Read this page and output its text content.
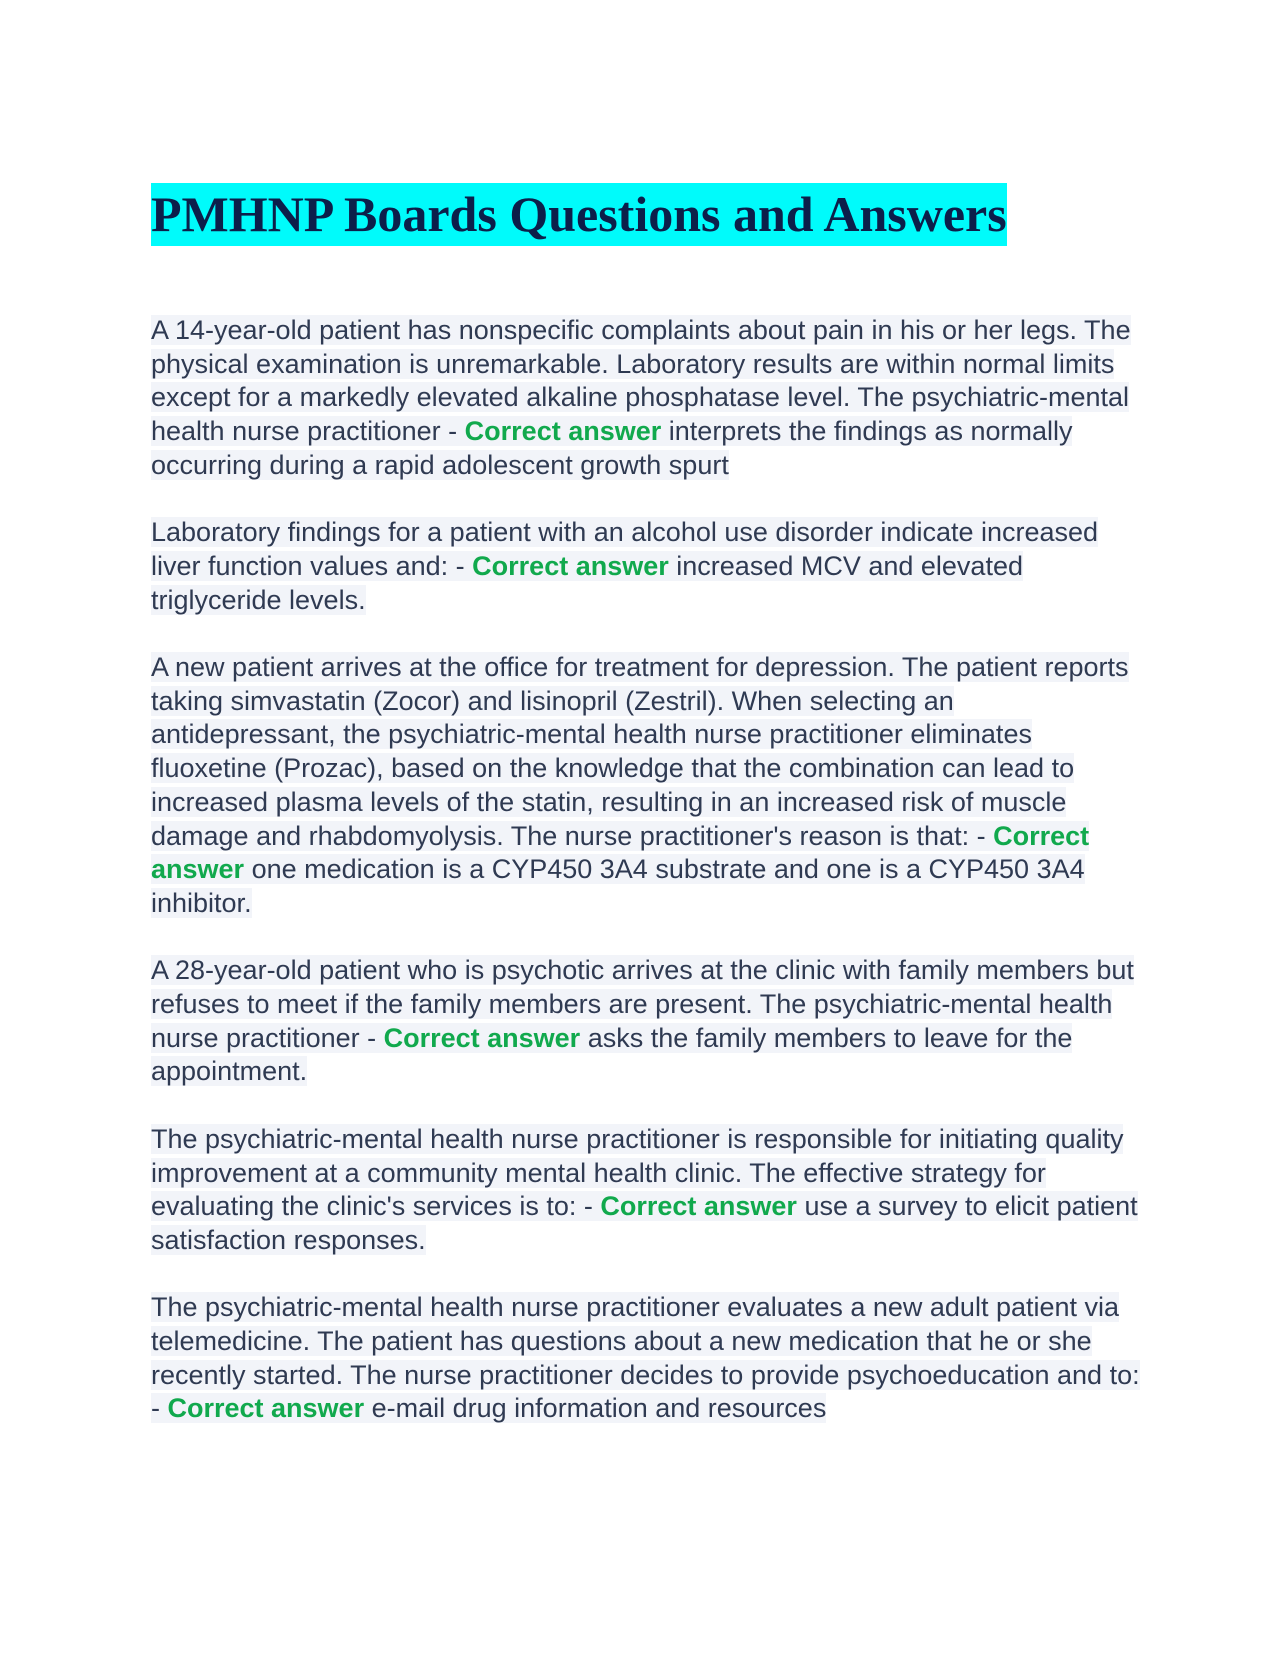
PMHNP Boards Questions and Answers

A 14-year-old patient has nonspecific complaints about pain in his or her legs. The physical examination is unremarkable. Laboratory results are within normal limits except for a markedly elevated alkaline phosphatase level. The psychiatric-mental health nurse practitioner - Correct answer interprets the findings as normally occurring during a rapid adolescent growth spurt

Laboratory findings for a patient with an alcohol use disorder indicate increased liver function values and: - Correct answer increased MCV and elevated triglyceride levels.

A new patient arrives at the office for treatment for depression. The patient reports taking simvastatin (Zocor) and lisinopril (Zestril). When selecting an antidepressant, the psychiatric-mental health nurse practitioner eliminates fluoxetine (Prozac), based on the knowledge that the combination can lead to increased plasma levels of the statin, resulting in an increased risk of muscle damage and rhabdomyolysis. The nurse practitioner's reason is that: - Correct answer one medication is a CYP450 3A4 substrate and one is a CYP450 3A4 inhibitor.

A 28-year-old patient who is psychotic arrives at the clinic with family members but refuses to meet if the family members are present. The psychiatric-mental health nurse practitioner - Correct answer asks the family members to leave for the appointment.

The psychiatric-mental health nurse practitioner is responsible for initiating quality improvement at a community mental health clinic. The effective strategy for evaluating the clinic's services is to: - Correct answer use a survey to elicit patient satisfaction responses.

The psychiatric-mental health nurse practitioner evaluates a new adult patient via telemedicine. The patient has questions about a new medication that he or she recently started. The nurse practitioner decides to provide psychoeducation and to: - Correct answer e-mail drug information and resources
